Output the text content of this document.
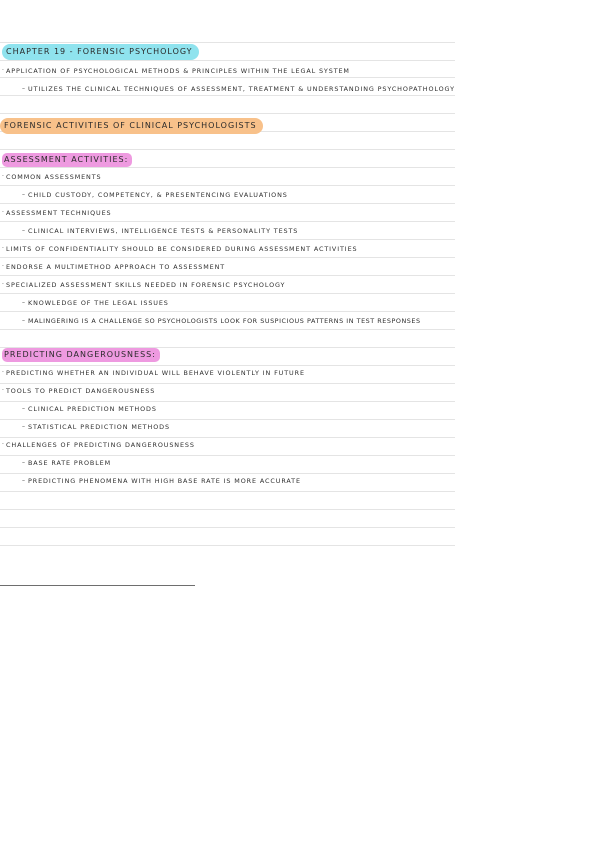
CHAPTER 19 - FORENSIC PSYCHOLOGY
·APPLICATION OF PSYCHOLOGICAL METHODS & PRINCIPLES WITHIN THE LEGAL SYSTEM
– UTILIZES THE CLINICAL TECHNIQUES OF ASSESSMENT, TREATMENT & UNDERSTANDING PSYCHOPATHOLOGY
FORENSIC ACTIVITIES OF CLINICAL PSYCHOLOGISTS
ASSESSMENT ACTIVITIES:
·COMMON ASSESSMENTS
– CHILD CUSTODY, COMPETENCY, & PRESENTENCING EVALUATIONS
·ASSESSMENT TECHNIQUES
– CLINICAL INTERVIEWS, INTELLIGENCE TESTS & PERSONALITY TESTS
·LIMITS OF CONFIDENTIALITY SHOULD BE CONSIDERED DURING ASSESSMENT ACTIVITIES
·ENDORSE A MULTIMETHOD APPROACH TO ASSESSMENT
·SPECIALIZED ASSESSMENT SKILLS NEEDED IN FORENSIC PSYCHOLOGY
– KNOWLEDGE OF THE LEGAL ISSUES
– MALINGERING IS A CHALLENGE SO PSYCHOLOGISTS LOOK FOR SUSPICIOUS PATTERNS IN TEST RESPONSES
PREDICTING DANGEROUSNESS:
·PREDICTING WHETHER AN INDIVIDUAL WILL BEHAVE VIOLENTLY IN FUTURE
·TOOLS TO PREDICT DANGEROUSNESS
– CLINICAL PREDICTION METHODS
– STATISTICAL PREDICTION METHODS
·CHALLENGES OF PREDICTING DANGEROUSNESS
– BASE RATE PROBLEM
– PREDICTING PHENOMENA WITH HIGH BASE RATE IS MORE ACCURATE
